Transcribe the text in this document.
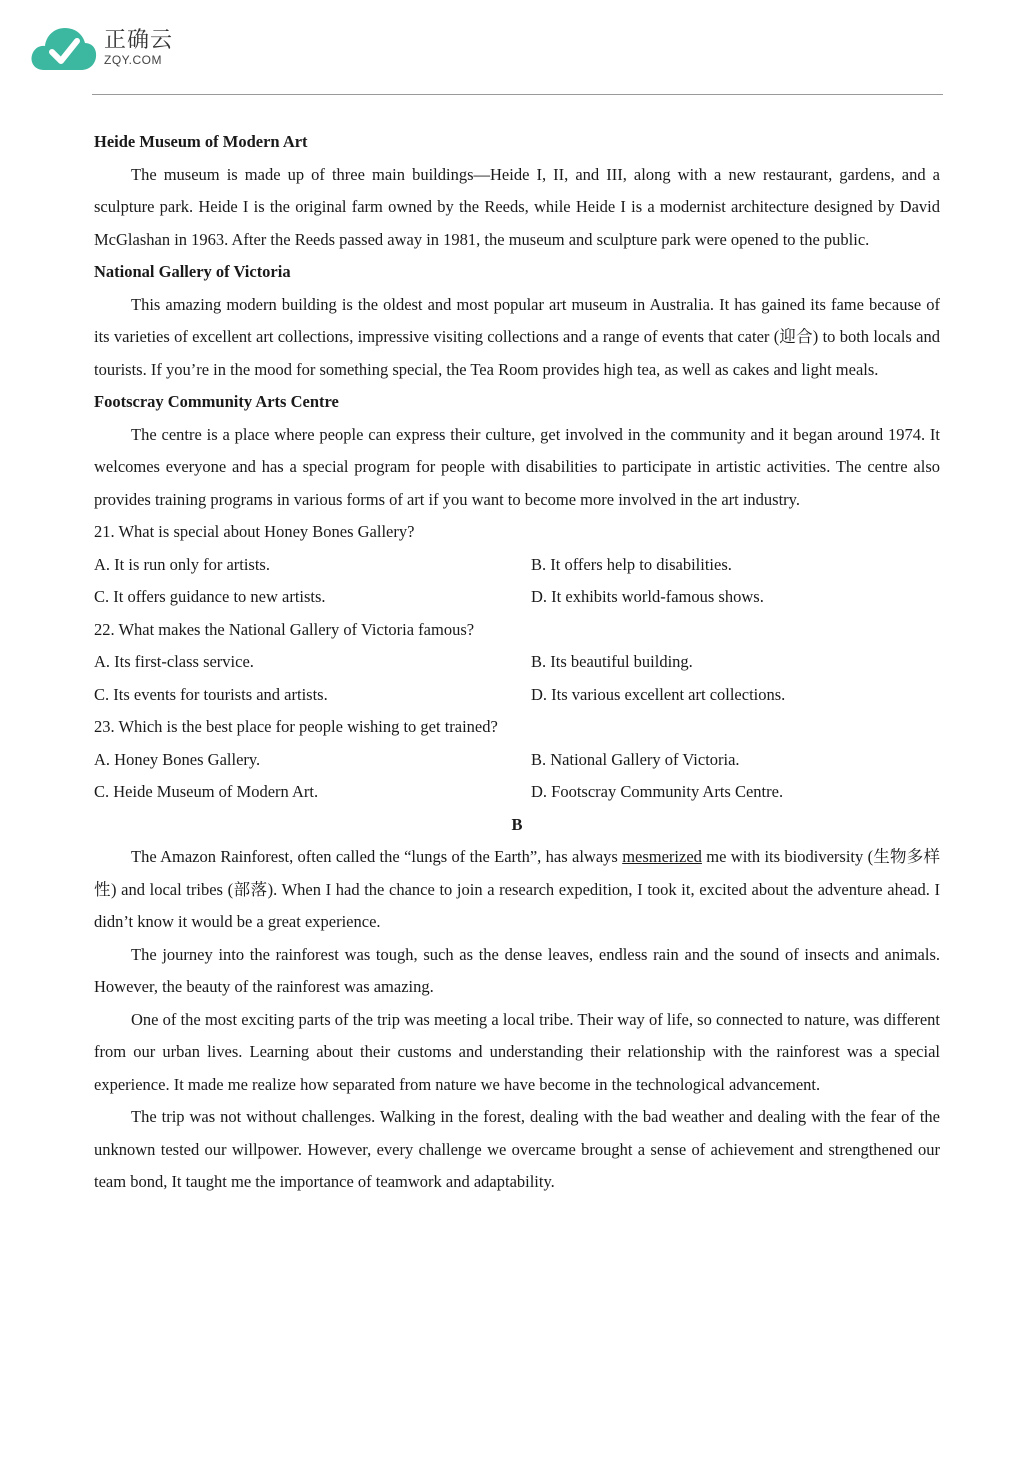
正确云
ZQY.COM

Heide Museum of Modern Art

The museum is made up of three main buildings—Heide I, II, and III, along with a new restaurant, gardens, and a sculpture park. Heide I is the original farm owned by the Reeds, while Heide I is a modernist architecture designed by David McGlashan in 1963. After the Reeds passed away in 1981, the museum and sculpture park were opened to the public.

National Gallery of Victoria

This amazing modern building is the oldest and most popular art museum in Australia. It has gained its fame because of its varieties of excellent art collections, impressive visiting collections and a range of events that cater (迎合) to both locals and tourists. If you’re in the mood for something special, the Tea Room provides high tea, as well as cakes and light meals.

Footscray Community Arts Centre

The centre is a place where people can express their culture, get involved in the community and it began around 1974. It welcomes everyone and has a special program for people with disabilities to participate in artistic activities. The centre also provides training programs in various forms of art if you want to become more involved in the art industry.

21. What is special about Honey Bones Gallery?

A. It is run only for artists.	B. It offers help to disabilities.
C. It offers guidance to new artists.	D. It exhibits world-famous shows.

22. What makes the National Gallery of Victoria famous?

A. Its first-class service.	B. Its beautiful building.
C. Its events for tourists and artists.	D. Its various excellent art collections.

23. Which is the best place for people wishing to get trained?

A. Honey Bones Gallery.	B. National Gallery of Victoria.
C. Heide Museum of Modern Art.	D. Footscray Community Arts Centre.

B

The Amazon Rainforest, often called the “lungs of the Earth”, has always mesmerized me with its biodiversity (生物多样性) and local tribes (部落). When I had the chance to join a research expedition, I took it, excited about the adventure ahead. I didn’t know it would be a great experience.

The journey into the rainforest was tough, such as the dense leaves, endless rain and the sound of insects and animals. However, the beauty of the rainforest was amazing.

One of the most exciting parts of the trip was meeting a local tribe. Their way of life, so connected to nature, was different from our urban lives. Learning about their customs and understanding their relationship with the rainforest was a special experience. It made me realize how separated from nature we have become in the technological advancement.

The trip was not without challenges. Walking in the forest, dealing with the bad weather and dealing with the fear of the unknown tested our willpower. However, every challenge we overcame brought a sense of achievement and strengthened our team bond, It taught me the importance of teamwork and adaptability.
